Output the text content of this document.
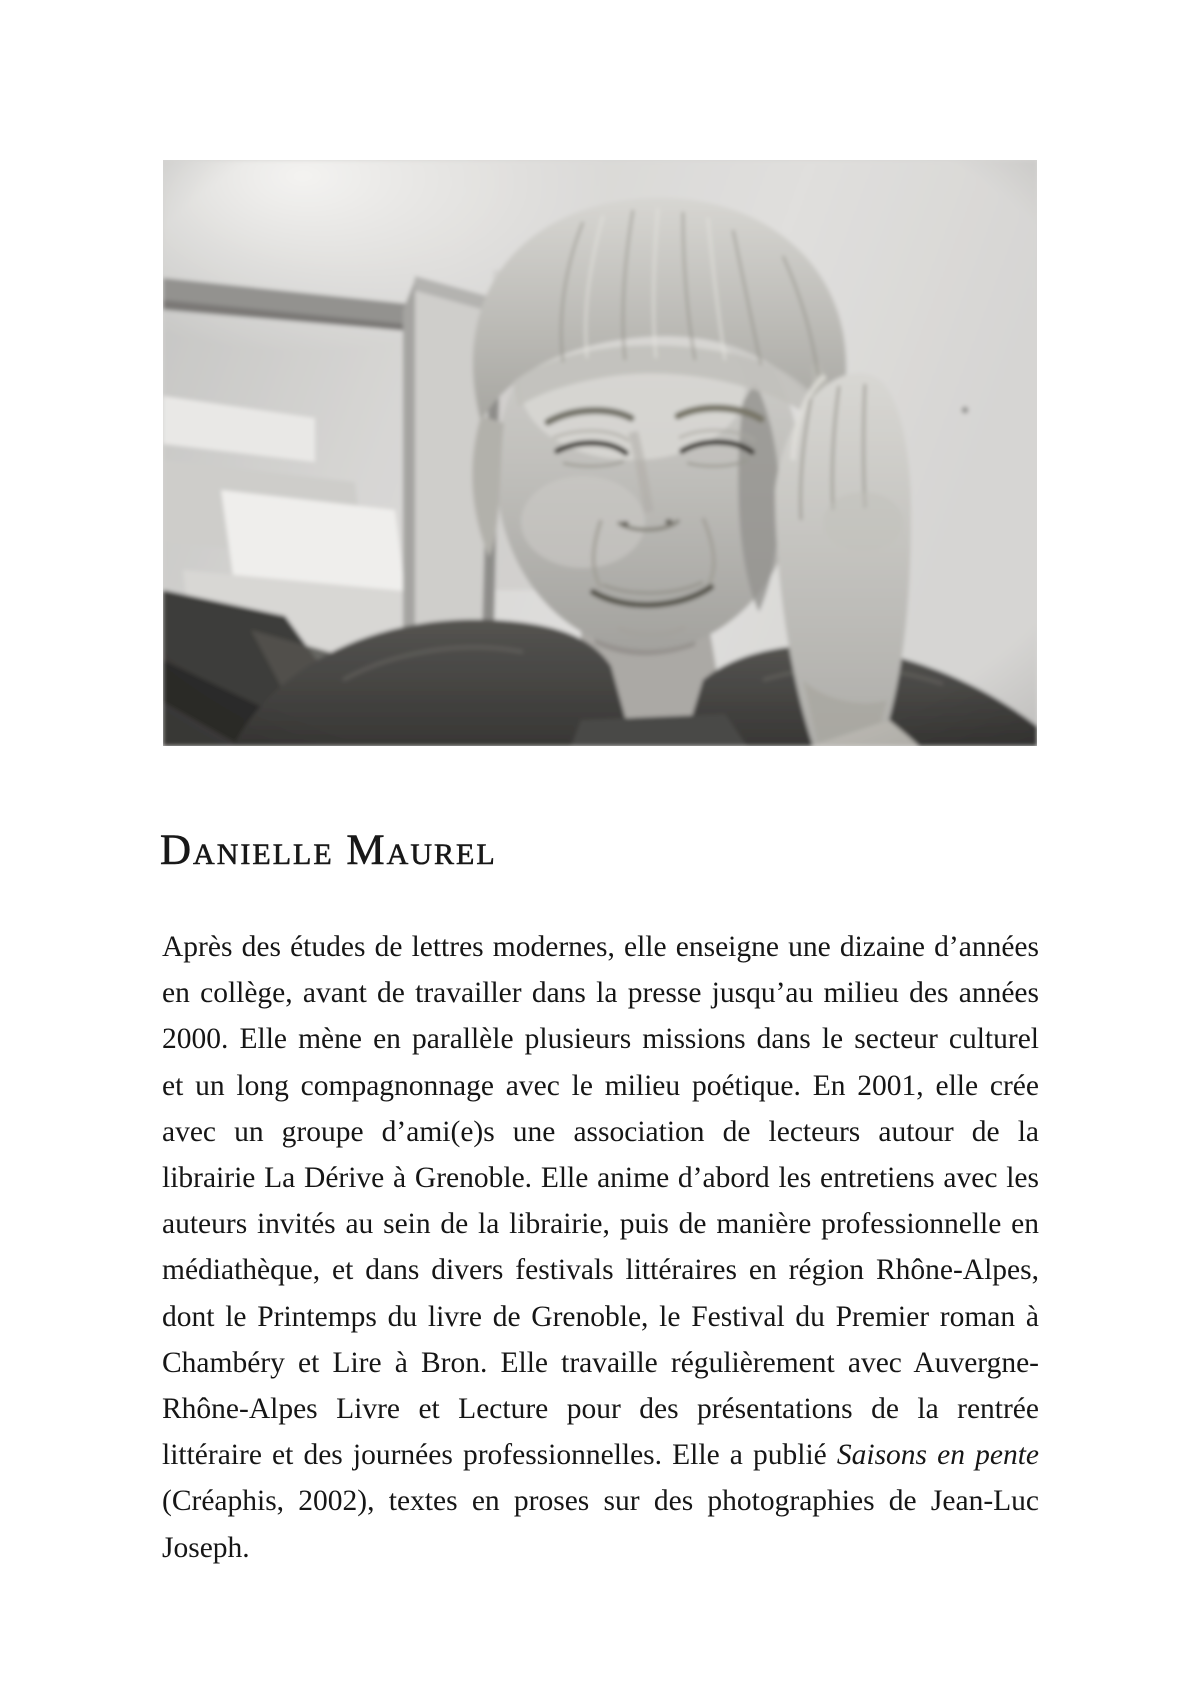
Danielle Maurel

Après des études de lettres modernes, elle enseigne une dizaine d’années en collège, avant de travailler dans la presse jusqu’au milieu des années 2000. Elle mène en parallèle plusieurs missions dans le secteur culturel et un long compagnonnage avec le milieu poétique. En 2001, elle crée avec un groupe d’ami(e)s une association de lecteurs autour de la librairie La Dérive à Grenoble. Elle anime d’abord les entretiens avec les auteurs invités au sein de la librairie, puis de manière professionnelle en médiathèque, et dans divers festivals littéraires en région Rhône-Alpes, dont le Printemps du livre de Grenoble, le Festival du Premier roman à Chambéry et Lire à Bron. Elle travaille régulièrement avec Auvergne-Rhône-Alpes Livre et Lecture pour des présentations de la rentrée littéraire et des journées professionnelles. Elle a publié Saisons en pente (Créaphis, 2002), textes en proses sur des photographies de Jean-Luc Joseph.
